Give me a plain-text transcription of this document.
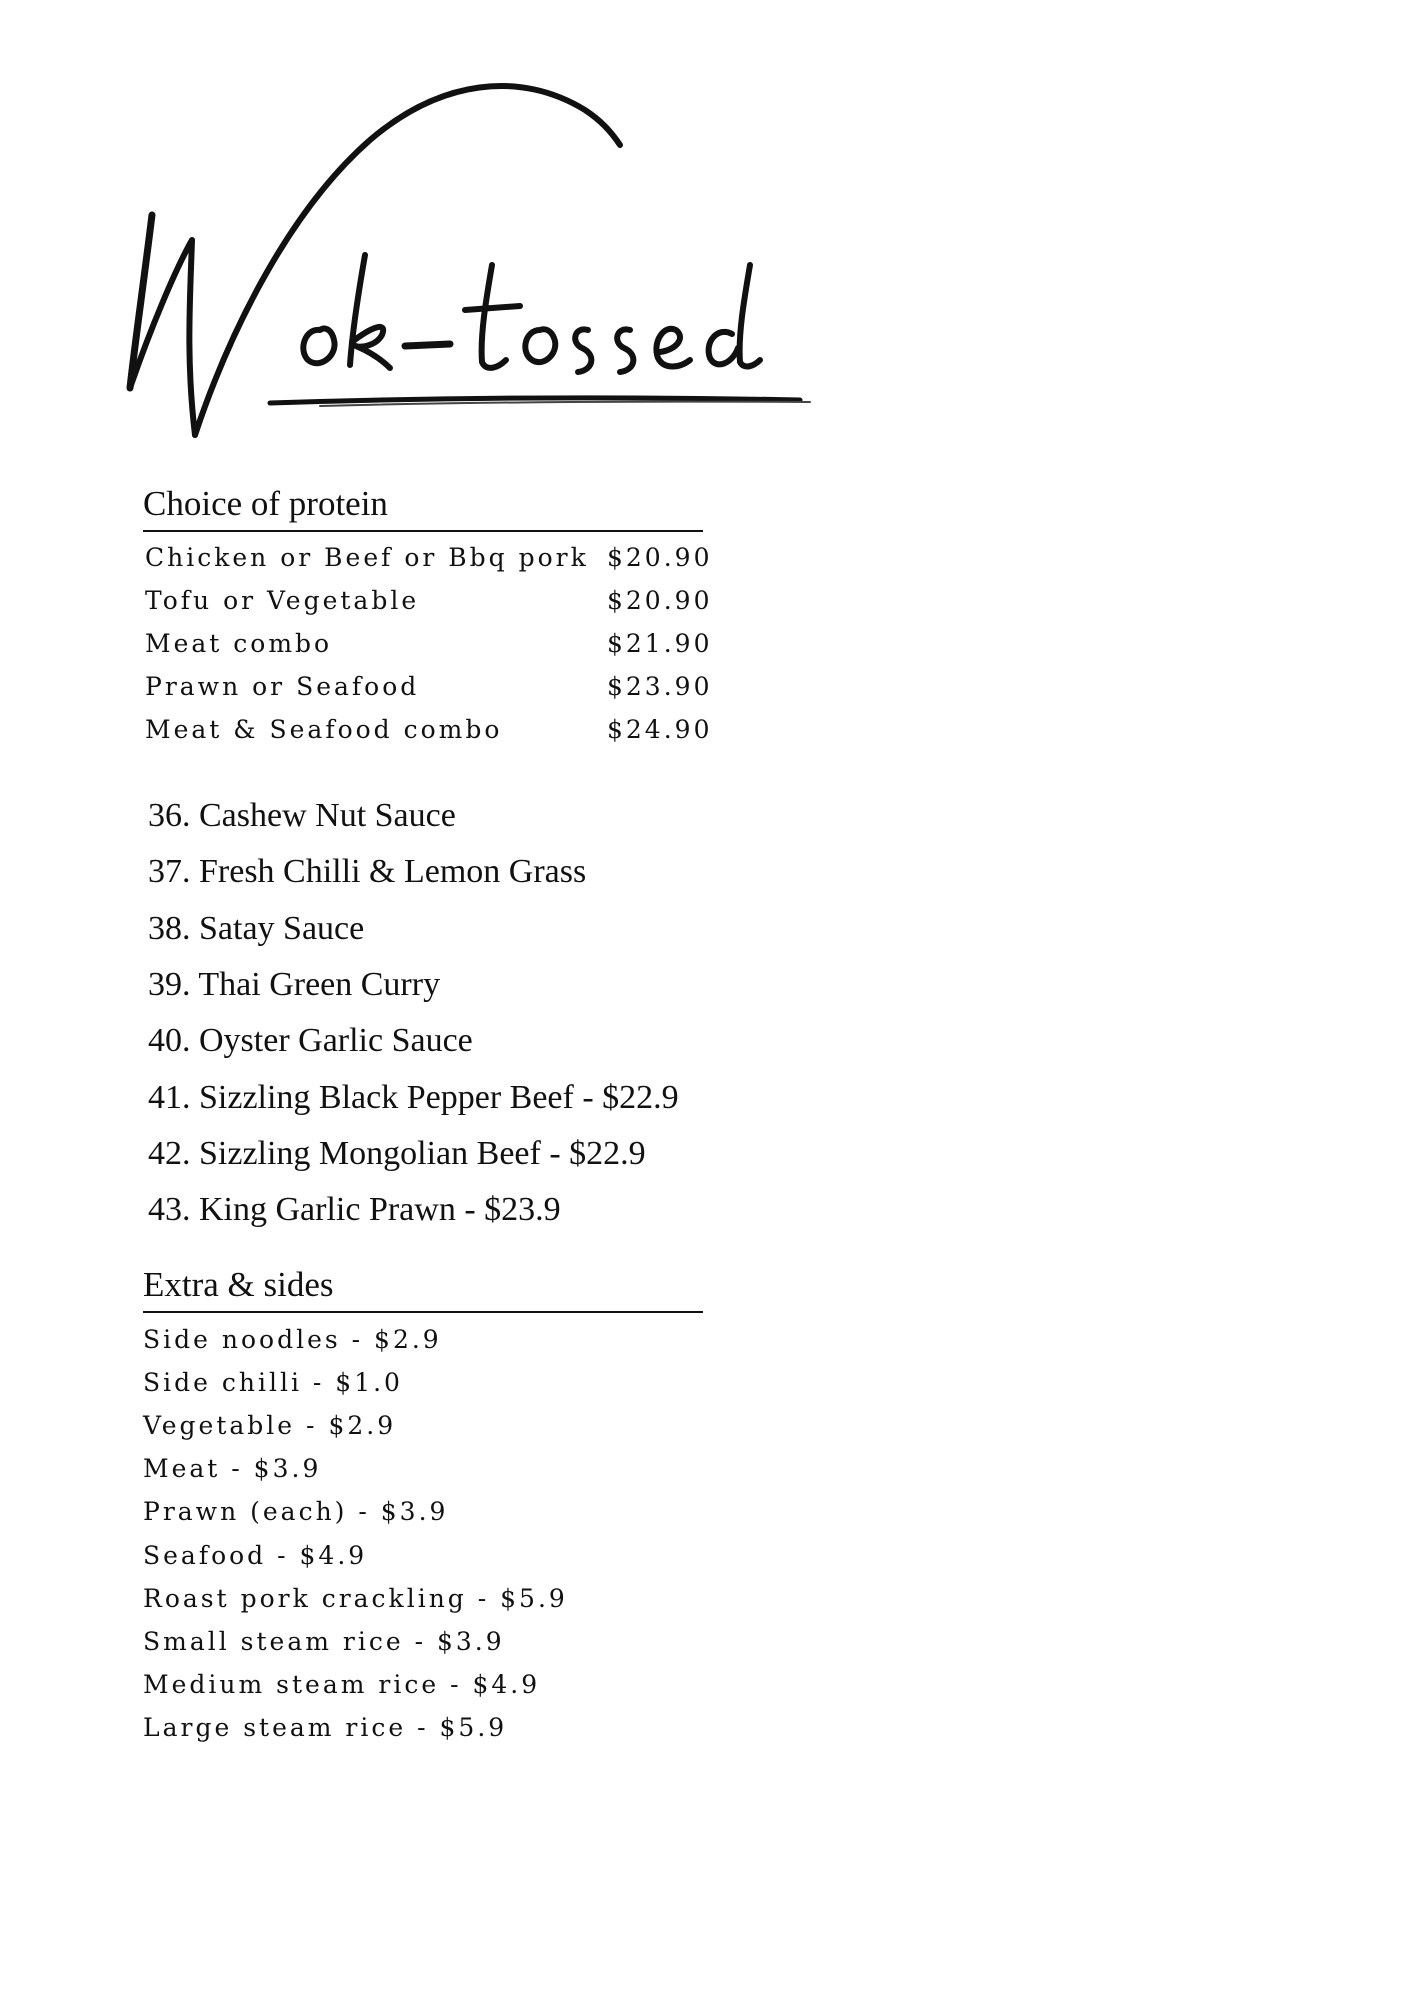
Choice of protein
Chicken or Beef or Bbq pork $20.90
Tofu or Vegetable	$20.90
Meat combo	$21.90
Prawn or Seafood	$23.90
Meat & Seafood combo	$24.90
36. Cashew Nut Sauce
37. Fresh Chilli & Lemon Grass
38. Satay Sauce
39. Thai Green Curry
40. Oyster Garlic Sauce
41. Sizzling Black Pepper Beef - $22.9
42. Sizzling Mongolian Beef - $22.9
43. King Garlic Prawn - $23.9
Extra & sides
Side noodles - $2.9
Side chilli - $1.0
Vegetable - $2.9
Meat - $3.9
Prawn (each) - $3.9
Seafood - $4.9
Roast pork crackling - $5.9
Small steam rice - $3.9
Medium steam rice - $4.9
Large steam rice - $5.9
